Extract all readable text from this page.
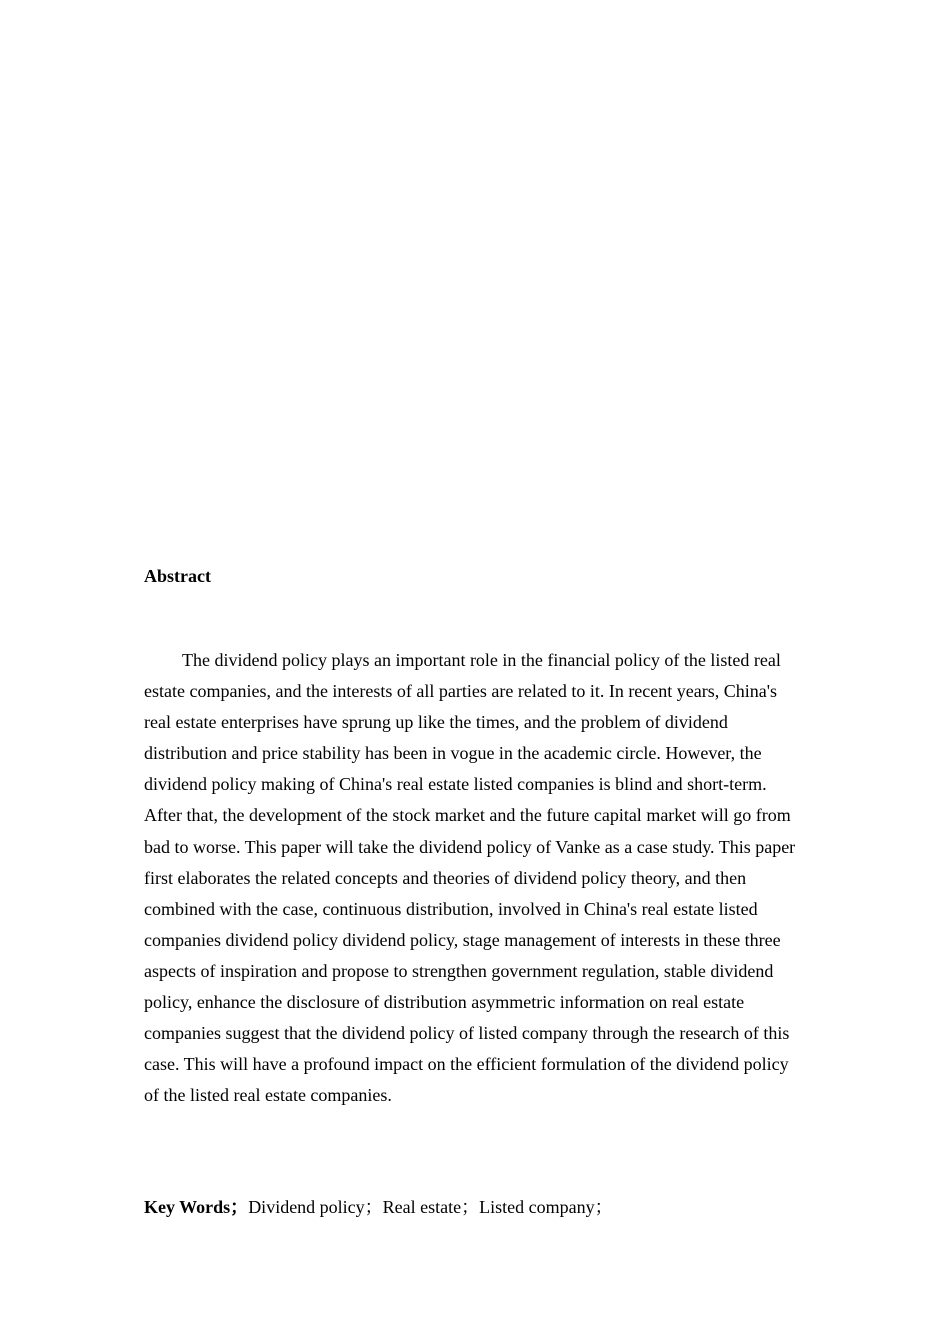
Abstract

The dividend policy plays an important role in the financial policy of the listed real estate companies, and the interests of all parties are related to it. In recent years, China's real estate enterprises have sprung up like the times, and the problem of dividend distribution and price stability has been in vogue in the academic circle. However, the dividend policy making of China's real estate listed companies is blind and short-term. After that, the development of the stock market and the future capital market will go from bad to worse. This paper will take the dividend policy of Vanke as a case study. This paper first elaborates the related concepts and theories of dividend policy theory, and then combined with the case, continuous distribution, involved in China's real estate listed companies dividend policy dividend policy, stage management of interests in these three aspects of inspiration and propose to strengthen government regulation, stable dividend policy, enhance the disclosure of distribution asymmetric information on real estate companies suggest that the dividend policy of listed company through the research of this case. This will have a profound impact on the efficient formulation of the dividend policy of the listed real estate companies.

Key Words；Dividend policy；Real estate；Listed company；
